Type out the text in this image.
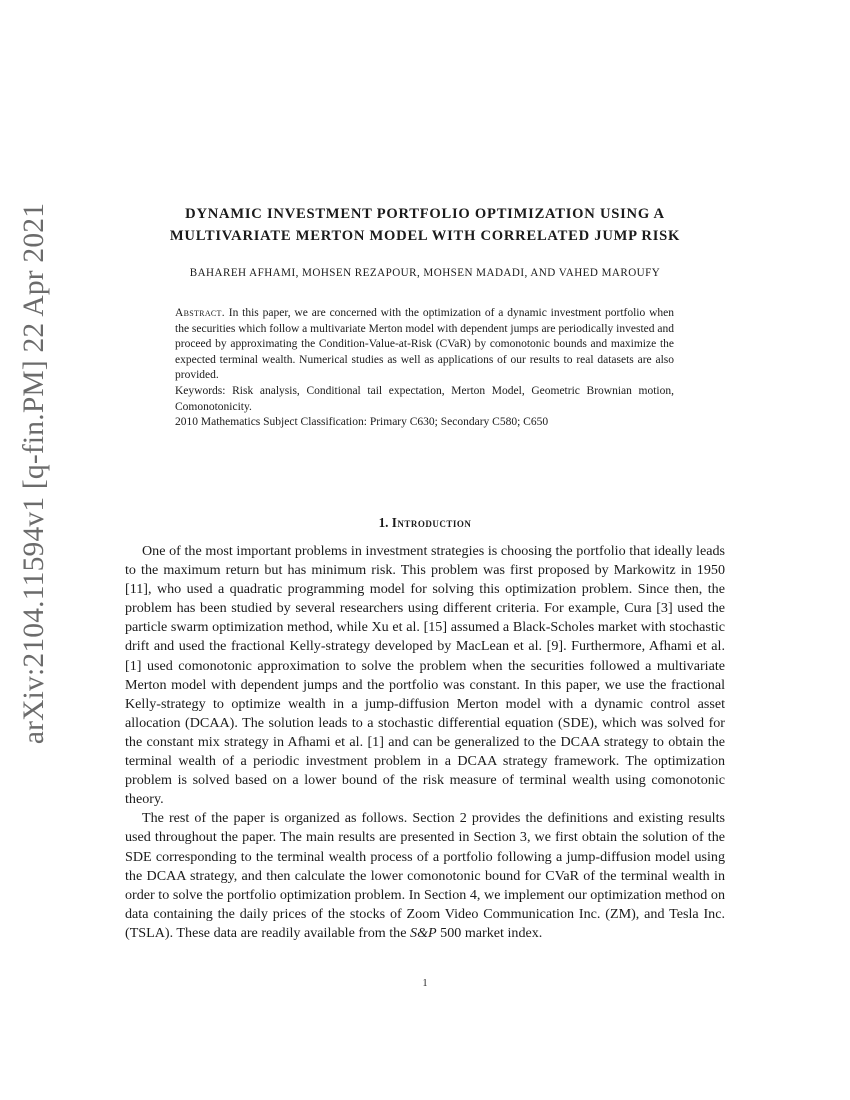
arXiv:2104.11594v1 [q-fin.PM] 22 Apr 2021	DYNAMIC INVESTMENT PORTFOLIO OPTIMIZATION USING A
MULTIVARIATE MERTON MODEL WITH CORRELATED JUMP RISK

BAHAREH AFHAMI, MOHSEN REZAPOUR, MOHSEN MADADI, AND VAHED MAROUFY

Abstract. In this paper, we are concerned with the optimization of a dynamic investment portfolio when the securities which follow a multivariate Merton model with dependent jumps are periodically invested and proceed by approximating the Condition-Value-at-Risk (CVaR) by comonotonic bounds and maximize the expected terminal wealth. Numerical studies as well as applications of our results to real datasets are also provided.

Keywords: Risk analysis, Conditional tail expectation, Merton Model, Geometric Brownian motion, Comonotonicity.

2010 Mathematics Subject Classification: Primary C630; Secondary C580; C650

1. Introduction

One of the most important problems in investment strategies is choosing the portfolio that ideally leads to the maximum return but has minimum risk. This problem was first proposed by Markowitz in 1950 [11], who used a quadratic programming model for solving this optimization problem. Since then, the problem has been studied by several researchers using different criteria. For example, Cura [3] used the particle swarm optimization method, while Xu et al. [15] assumed a Black-Scholes market with stochastic drift and used the fractional Kelly-strategy developed by MacLean et al. [9]. Furthermore, Afhami et al. [1] used comonotonic approximation to solve the problem when the securities followed a multivariate Merton model with dependent jumps and the portfolio was constant. In this paper, we use the fractional Kelly-strategy to optimize wealth in a jump-diffusion Merton model with a dynamic control asset allocation (DCAA). The solution leads to a stochastic differential equation (SDE), which was solved for the constant mix strategy in Afhami et al. [1] and can be generalized to the DCAA strategy to obtain the terminal wealth of a periodic investment problem in a DCAA strategy framework. The optimization problem is solved based on a lower bound of the risk measure of terminal wealth using comonotonic theory.

The rest of the paper is organized as follows. Section 2 provides the definitions and existing results used throughout the paper. The main results are presented in Section 3, we first obtain the solution of the SDE corresponding to the terminal wealth process of a portfolio following a jump-diffusion model using the DCAA strategy, and then calculate the lower comonotonic bound for CVaR of the terminal wealth in order to solve the portfolio optimization problem. In Section 4, we implement our optimization method on data containing the daily prices of the stocks of Zoom Video Communication Inc. (ZM), and Tesla Inc. (TSLA). These data are readily available from the S&P 500 market index.

1
